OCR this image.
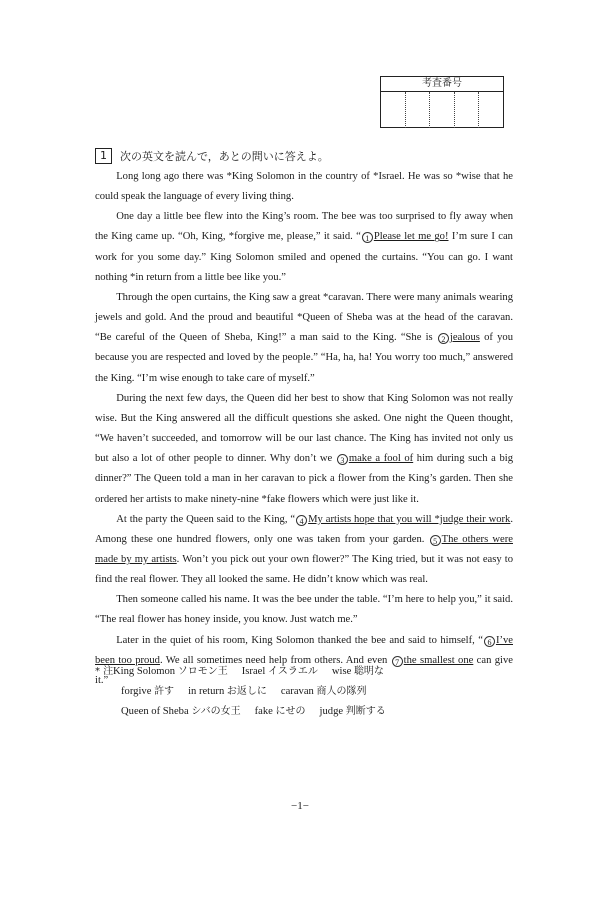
考査番号
1	次の英文を読んで，あとの問いに答えよ。

Long long ago there was *King Solomon in the country of *Israel. He was so *wise that he could speak the language of every living thing.

One day a little bee flew into the King’s room. The bee was too surprised to fly away when the King came up. “Oh, King, *forgive me, please,” it said. “ 1 Please let me go! I’m sure I can work for you some day.” King Solomon smiled and opened the curtains. “You can go. I want nothing *in return from a little bee like you.”

Through the open curtains, the King saw a great *caravan. There were many animals wearing jewels and gold. And the proud and beautiful *Queen of Sheba was at the head of the caravan. “Be careful of the Queen of Sheba, King!” a man said to the King. “She is 2 jealous of you because you are respected and loved by the people.” “Ha, ha, ha! You worry too much,” answered the King. “I’m wise enough to take care of myself.”

During the next few days, the Queen did her best to show that King Solomon was not really wise. But the King answered all the difficult questions she asked. One night the Queen thought, “We haven’t succeeded, and tomorrow will be our last chance. The King has invited not only us but also a lot of other people to dinner. Why don’t we 3 make a fool of him during such a big dinner?” The Queen told a man in her caravan to pick a flower from the King’s garden. Then she ordered her artists to make ninety-nine *fake flowers which were just like it.

At the party the Queen said to the King, “ 4 My artists hope that you will *judge their work. Among these one hundred flowers, only one was taken from your garden. 5 The others were made by my artists. Won’t you pick out your own flower?” The King tried, but it was not easy to find the real flower. They all looked the same. He didn’t know which was real.

Then someone called his name. It was the bee under the table. “I’m here to help you,” it said. “The real flower has honey inside, you know. Just watch me.”

Later in the quiet of his room, King Solomon thanked the bee and said to himself, “ 6 I’ve been too proud. We all sometimes need help from others. And even 7 the smallest one can give it.”

* 注King Solomon ソロモン王 Israel イスラエル wise 聡明な
forgive 許す in return お返しに caravan 商人の隊列
Queen of Sheba シバの女王 fake にせの judge 判断する
−1−
